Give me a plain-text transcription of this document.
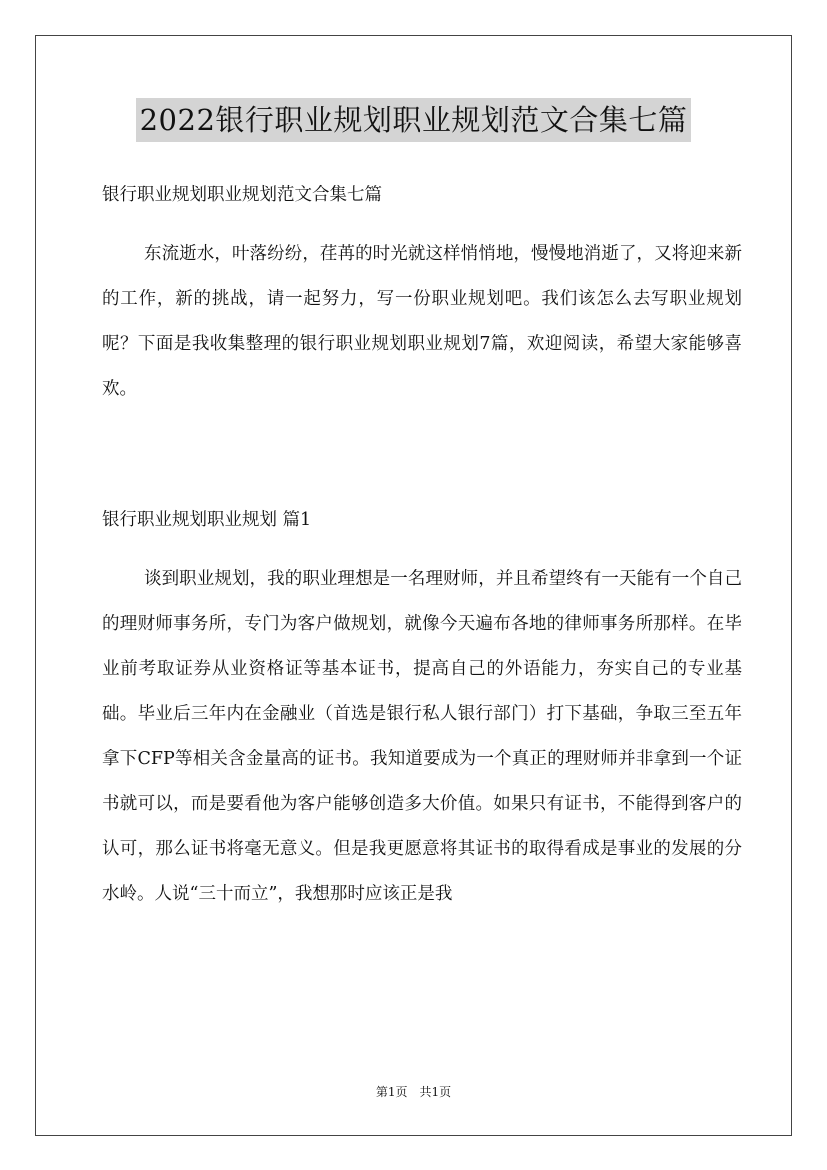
2022银行职业规划职业规划范文合集七篇

银行职业规划职业规划范文合集七篇

东流逝水，叶落纷纷，荏苒的时光就这样悄悄地，慢慢地消逝了，又将迎来新的工作，新的挑战，请一起努力，写一份职业规划吧。我们该怎么去写职业规划呢？下面是我收集整理的银行职业规划职业规划7篇，欢迎阅读，希望大家能够喜欢。

银行职业规划职业规划 篇1

谈到职业规划，我的职业理想是一名理财师，并且希望终有一天能有一个自己的理财师事务所，专门为客户做规划，就像今天遍布各地的律师事务所那样。在毕业前考取证券从业资格证等基本证书，提高自己的外语能力，夯实自己的专业基础。毕业后三年内在金融业（首选是银行私人银行部门）打下基础，争取三至五年拿下CFP等相关含金量高的证书。我知道要成为一个真正的理财师并非拿到一个证书就可以，而是要看他为客户能够创造多大价值。如果只有证书，不能得到客户的认可，那么证书将毫无意义。但是我更愿意将其证书的取得看成是事业的发展的分水岭。人说“三十而立”，我想那时应该正是我

第1页　共1页
